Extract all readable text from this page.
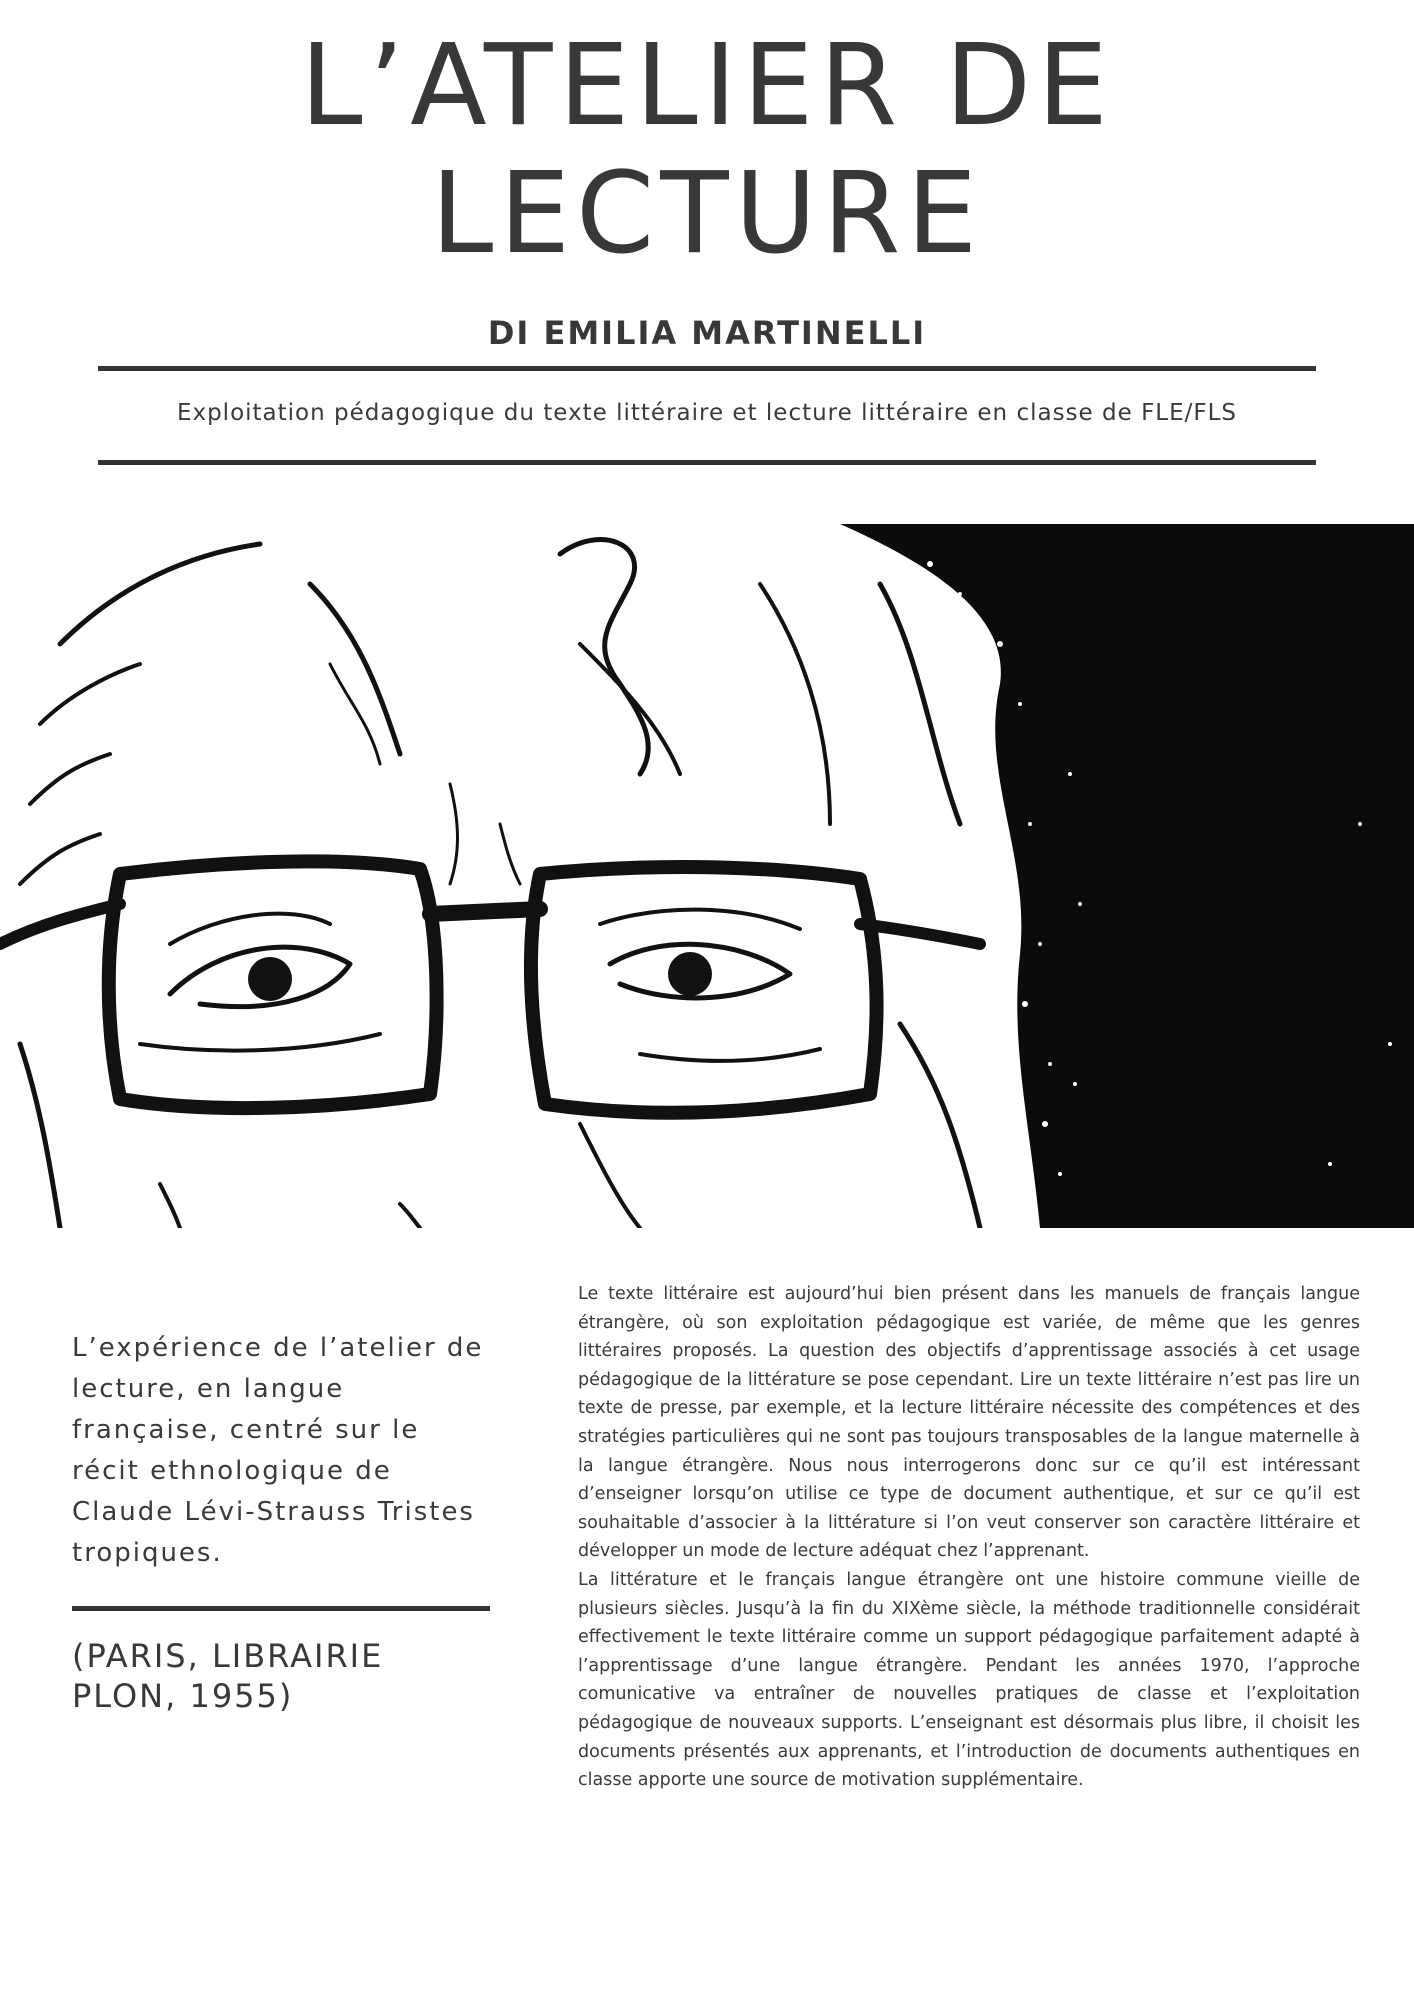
L’ATELIER DE
LECTURE
DI EMILIA MARTINELLI
Exploitation pédagogique du texte littéraire et lecture littéraire en classe de FLE/FLS
L’expérience de l’atelier de lecture, en langue française, centré sur le récit ethnologique de Claude Lévi-Strauss Tristes tropiques.
(PARIS, LIBRAIRIE PLON, 1955)

Le texte littéraire est aujourd’hui bien présent dans les manuels de français langue étrangère, où son exploitation pédagogique est variée, de même que les genres littéraires proposés. La question des objectifs d’apprentissage associés à cet usage pédagogique de la littérature se pose cependant. Lire un texte littéraire n’est pas lire un texte de presse, par exemple, et la lecture littéraire nécessite des compétences et des stratégies particulières qui ne sont pas toujours transposables de la langue maternelle à la langue étrangère. Nous nous interrogerons donc sur ce qu’il est intéressant d’enseigner lorsqu’on utilise ce type de document authentique, et sur ce qu’il est souhaitable d’associer à la littérature si l’on veut conserver son caractère littéraire et développer un mode de lecture adéquat chez l’apprenant.

La littérature et le français langue étrangère ont une histoire commune vieille de plusieurs siècles. Jusqu’à la fin du XIXème siècle, la méthode traditionnelle considérait effectivement le texte littéraire comme un support pédagogique parfaitement adapté à l’apprentissage d’une langue étrangère. Pendant les années 1970, l’approche comunicative va entraîner de nouvelles pratiques de classe et l’exploitation pédagogique de nouveaux supports. L’enseignant est désormais plus libre, il choisit les documents présentés aux apprenants, et l’introduction de documents authentiques en classe apporte une source de motivation supplémentaire.
